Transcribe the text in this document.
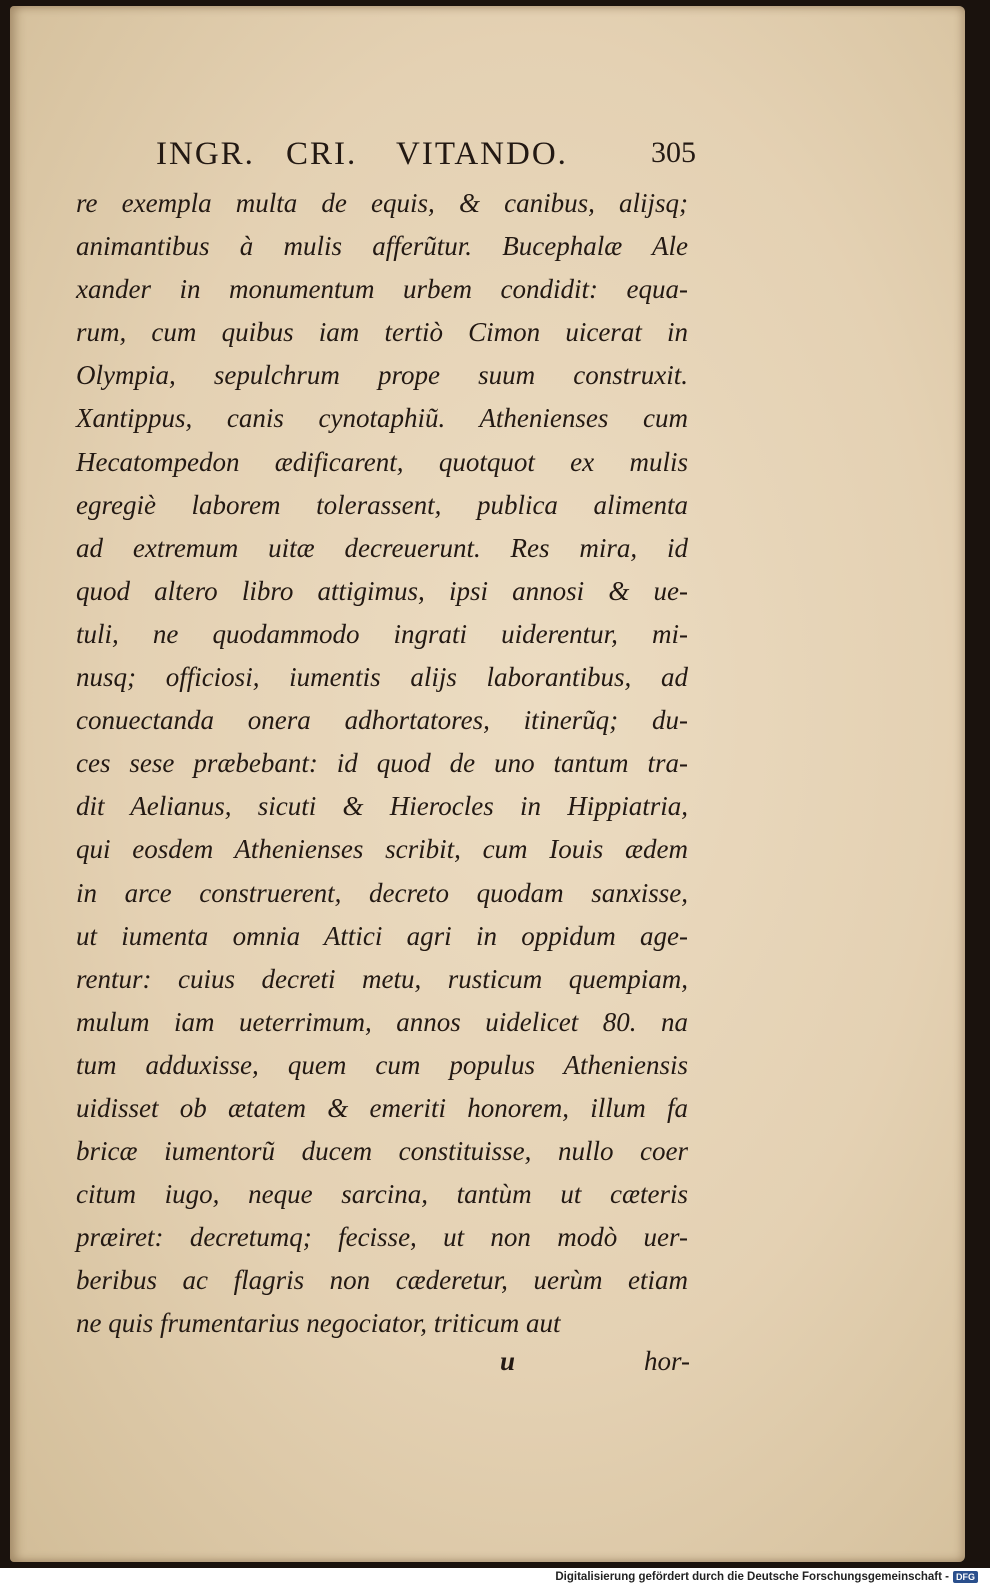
INGR. CRI. VITANDO.	305
re exempla multa de equis, & canibus, alijsq;
animantibus à mulis afferũtur. Bucephalæ Ale
xander in monumentum urbem condidit: equa-
rum, cum quibus iam tertiò Cimon uicerat in
Olympia, sepulchrum prope suum construxit.
Xantippus, canis cynotaphiũ. Athenienses cum
Hecatompedon ædificarent, quotquot ex mulis
egregiè laborem tolerassent, publica alimenta
ad extremum uitæ decreuerunt. Res mira, id
quod altero libro attigimus, ipsi annosi & ue-
tuli, ne quodammodo ingrati uiderentur, mi-
nusq; officiosi, iumentis alijs laborantibus, ad
conuectanda onera adhortatores, itinerũq; du-
ces sese præbebant: id quod de uno tantum tra-
dit Aelianus, sicuti & Hierocles in Hippiatria,
qui eosdem Athenienses scribit, cum Iouis ædem
in arce construerent, decreto quodam sanxisse,
ut iumenta omnia Attici agri in oppidum age-
rentur: cuius decreti metu, rusticum quempiam,
mulum iam ueterrimum, annos uidelicet 80. na
tum adduxisse, quem cum populus Atheniensis
uidisset ob ætatem & emeriti honorem, illum fa
bricæ iumentorũ ducem constituisse, nullo coer
citum iugo, neque sarcina, tantùm ut cæteris
præiret: decretumq; fecisse, ut non modò uer-
beribus ac flagris non cæderetur, uerùm etiam
ne quis frumentarius negociator, triticum aut
u	hor-
Digitalisierung gefördert durch die Deutsche Forschungsgemeinschaft - DFG
